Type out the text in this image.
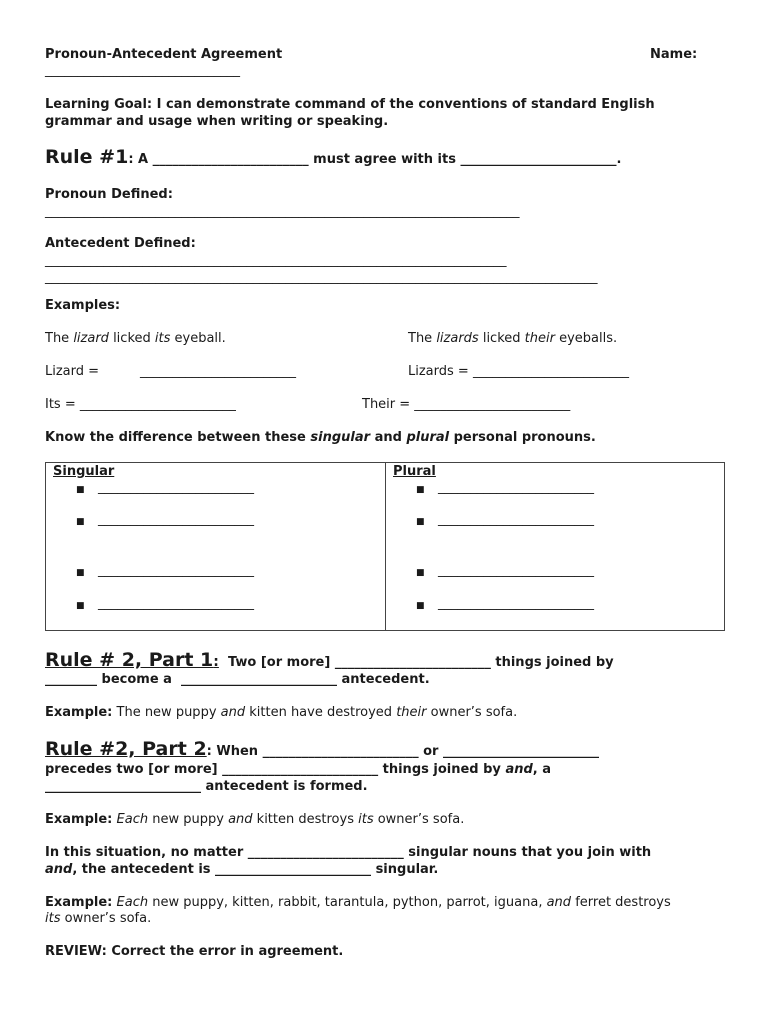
Pronoun-Antecedent Agreement	Name:
______________________________
Learning Goal: I can demonstrate command of the conventions of standard English
grammar and usage when writing or speaking.
Rule #1: A ________________________ must agree with its ________________________.
Pronoun Defined:
_________________________________________________________________________
Antecedent Defined:
_______________________________________________________________________
_____________________________________________________________________________________
Examples:
The lizard licked its eyeball.	The lizards licked their eyeballs.
Lizard =	________________________	Lizards = ________________________
Its = ________________________	Their = ________________________
Know the difference between these singular and plural personal pronouns.
Singular
■ ________________________
■ ________________________
■ ________________________
■ ________________________

Plural
■ ________________________
■ ________________________
■ ________________________
■ ________________________
Rule # 2, Part 1:  Two [or more] ________________________ things joined by
________ become a  ________________________ antecedent.
Example: The new puppy and kitten have destroyed their owner’s sofa.
Rule #2, Part 2: When ________________________ or ________________________
precedes two [or more] ________________________ things joined by and, a
________________________ antecedent is formed.
Example: Each new puppy and kitten destroys its owner’s sofa.
In this situation, no matter ________________________ singular nouns that you join with
and, the antecedent is ________________________ singular.
Example: Each new puppy, kitten, rabbit, tarantula, python, parrot, iguana, and ferret destroys
its owner’s sofa.
REVIEW: Correct the error in agreement.
